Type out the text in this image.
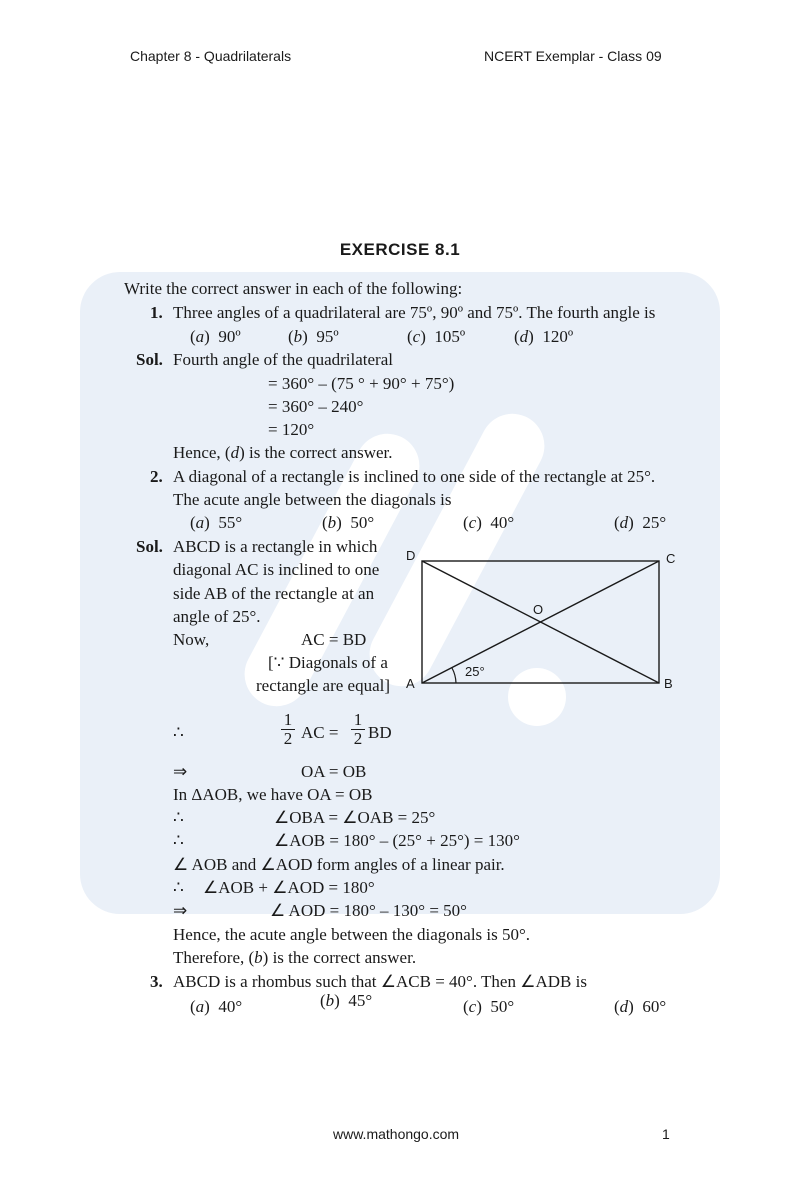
Chapter 8 - Quadrilaterals	NCERT Exemplar - Class 09
EXERCISE 8.1
Write the correct answer in each of the following:
1. Three angles of a quadrilateral are 75º, 90º and 75º. The fourth angle is
(a)  90º	(b)  95º	(c)  105º	(d)  120º
Sol. Fourth angle of the quadrilateral
= 360° – (75 ° + 90° + 75°)
= 360° – 240°
= 120°
Hence, (d) is the correct answer.
2. A diagonal of a rectangle is inclined to one side of the rectangle at 25°.
The acute angle between the diagonals is
(a)  55°	(b)  50°	(c)  40°	(d)  25°
Sol. ABCD is a rectangle in which
diagonal AC is inclined to one
side AB of the rectangle at an
angle of 25°.
Now,	AC = BD
[∵ Diagonals of a
rectangle are equal]
∴	$\frac{1}{2}$ AC = $\frac{1}{2}$ BD
⇒	OA = OB
In ΔAOB, we have OA = OB
∴	∠OBA = ∠OAB = 25°
∴	∠AOB = 180° – (25° + 25°) = 130°
∠ AOB and ∠AOD form angles of a linear pair.
∴ ∠AOB + ∠AOD = 180°
⇒	∠ AOD = 180° – 130° = 50°
Hence, the acute angle between the diagonals is 50°.
Therefore, (b) is the correct answer.
D	C
A	B
O
25°
3. ABCD is a rhombus such that ∠ACB = 40°. Then ∠ADB is
(a)  40°	(b)  45°	(c)  50°	(d)  60°
www.mathongo.com	1
